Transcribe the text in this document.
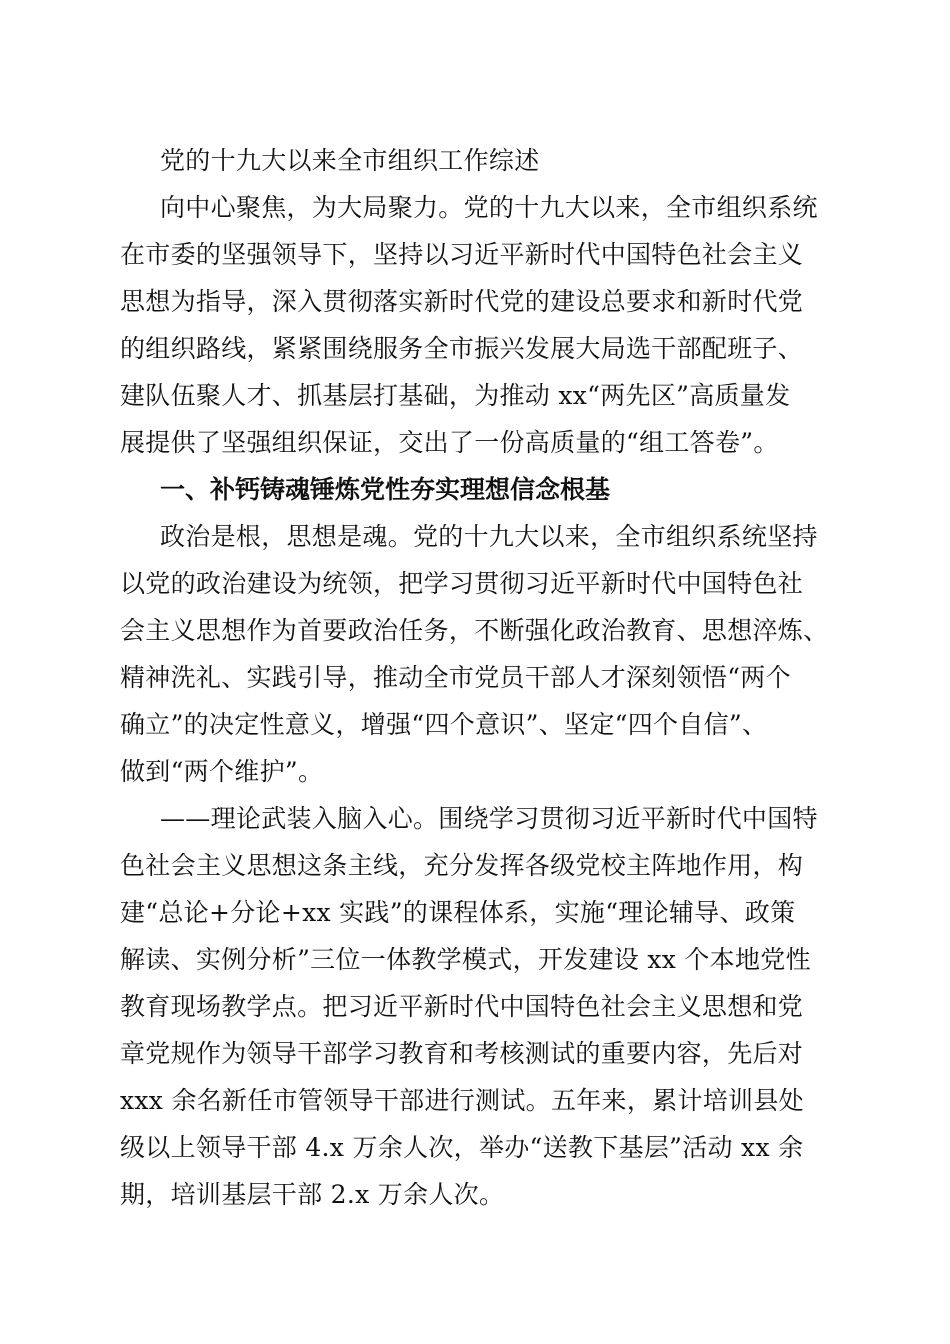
党的十九大以来全市组织工作综述
向中心聚焦，为大局聚力。党的十九大以来，全市组织系统
在市委的坚强领导下，坚持以习近平新时代中国特色社会主义
思想为指导，深入贯彻落实新时代党的建设总要求和新时代党
的组织路线，紧紧围绕服务全市振兴发展大局选干部配班子、
建队伍聚人才、抓基层打基础，为推动 xx“两先区”高质量发
展提供了坚强组织保证，交出了一份高质量的“组工答卷”。
一、补钙铸魂锤炼党性夯实理想信念根基
政治是根，思想是魂。党的十九大以来，全市组织系统坚持
以党的政治建设为统领，把学习贯彻习近平新时代中国特色社
会主义思想作为首要政治任务，不断强化政治教育、思想淬炼、
精神洗礼、实践引导，推动全市党员干部人才深刻领悟“两个
确立”的决定性意义，增强“四个意识”、坚定“四个自信”、
做到“两个维护”。
——理论武装入脑入心。围绕学习贯彻习近平新时代中国特
色社会主义思想这条主线，充分发挥各级党校主阵地作用，构
建“总论+分论+xx 实践”的课程体系，实施“理论辅导、政策
解读、实例分析”三位一体教学模式，开发建设 xx 个本地党性
教育现场教学点。把习近平新时代中国特色社会主义思想和党
章党规作为领导干部学习教育和考核测试的重要内容，先后对
xxx 余名新任市管领导干部进行测试。五年来，累计培训县处
级以上领导干部 4.x 万余人次，举办“送教下基层”活动 xx 余
期，培训基层干部 2.x 万余人次。
